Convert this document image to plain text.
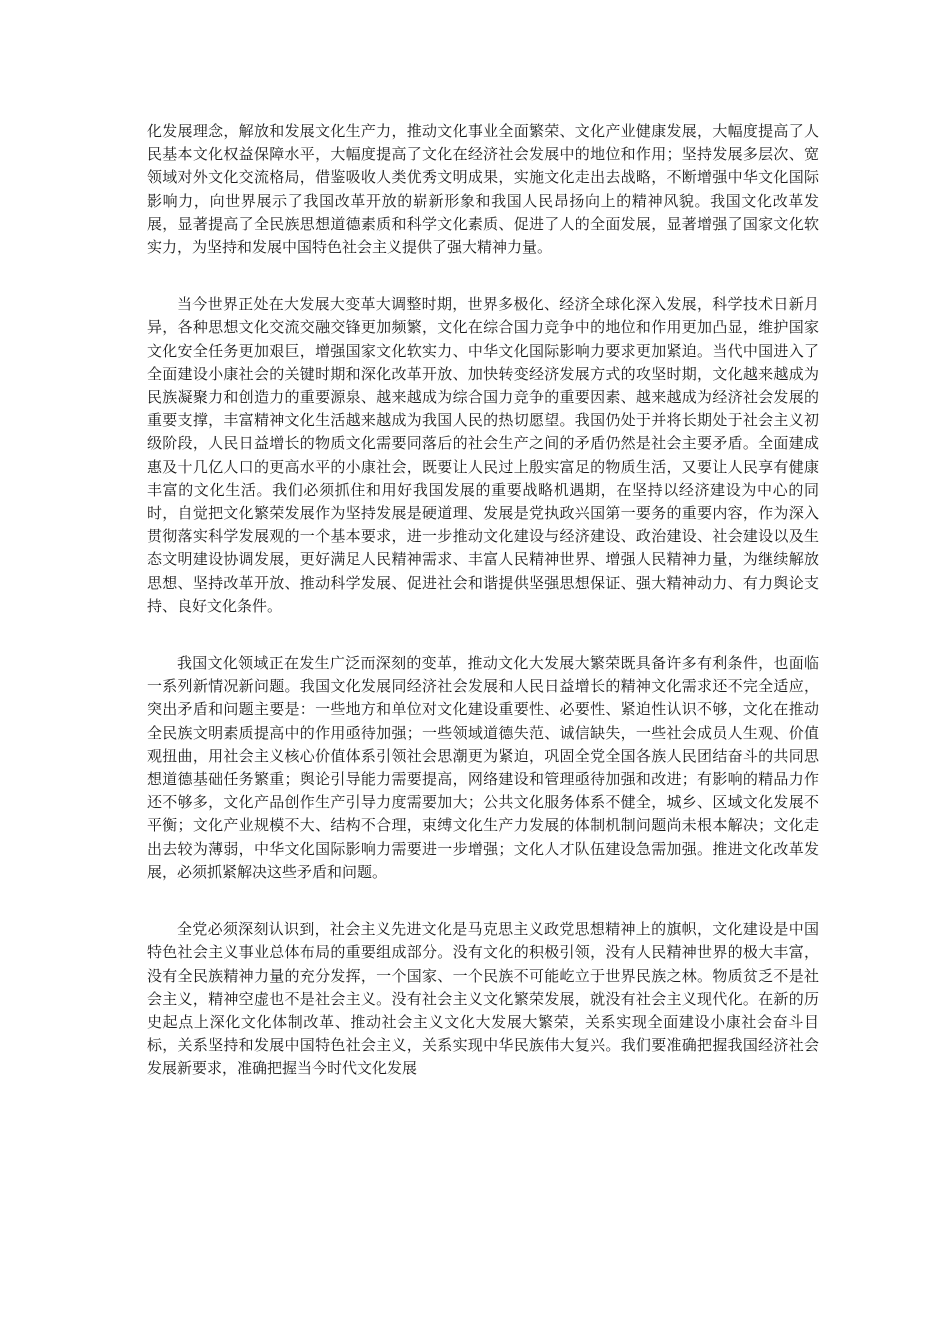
化发展理念，解放和发展文化生产力，推动文化事业全面繁荣、文化产业健康发展，大幅度提高了人民基本文化权益保障水平，大幅度提高了文化在经济社会发展中的地位和作用；坚持发展多层次、宽领域对外文化交流格局，借鉴吸收人类优秀文明成果，实施文化走出去战略，不断增强中华文化国际影响力，向世界展示了我国改革开放的崭新形象和我国人民昂扬向上的精神风貌。我国文化改革发展，显著提高了全民族思想道德素质和科学文化素质、促进了人的全面发展，显著增强了国家文化软实力，为坚持和发展中国特色社会主义提供了强大精神力量。

当今世界正处在大发展大变革大调整时期，世界多极化、经济全球化深入发展，科学技术日新月异，各种思想文化交流交融交锋更加频繁，文化在综合国力竞争中的地位和作用更加凸显，维护国家文化安全任务更加艰巨，增强国家文化软实力、中华文化国际影响力要求更加紧迫。当代中国进入了全面建设小康社会的关键时期和深化改革开放、加快转变经济发展方式的攻坚时期，文化越来越成为民族凝聚力和创造力的重要源泉、越来越成为综合国力竞争的重要因素、越来越成为经济社会发展的重要支撑，丰富精神文化生活越来越成为我国人民的热切愿望。我国仍处于并将长期处于社会主义初级阶段，人民日益增长的物质文化需要同落后的社会生产之间的矛盾仍然是社会主要矛盾。全面建成惠及十几亿人口的更高水平的小康社会，既要让人民过上殷实富足的物质生活，又要让人民享有健康丰富的文化生活。我们必须抓住和用好我国发展的重要战略机遇期，在坚持以经济建设为中心的同时，自觉把文化繁荣发展作为坚持发展是硬道理、发展是党执政兴国第一要务的重要内容，作为深入贯彻落实科学发展观的一个基本要求，进一步推动文化建设与经济建设、政治建设、社会建设以及生态文明建设协调发展，更好满足人民精神需求、丰富人民精神世界、增强人民精神力量，为继续解放思想、坚持改革开放、推动科学发展、促进社会和谐提供坚强思想保证、强大精神动力、有力舆论支持、良好文化条件。

我国文化领域正在发生广泛而深刻的变革，推动文化大发展大繁荣既具备许多有利条件，也面临一系列新情况新问题。我国文化发展同经济社会发展和人民日益增长的精神文化需求还不完全适应，突出矛盾和问题主要是：一些地方和单位对文化建设重要性、必要性、紧迫性认识不够，文化在推动全民族文明素质提高中的作用亟待加强；一些领域道德失范、诚信缺失，一些社会成员人生观、价值观扭曲，用社会主义核心价值体系引领社会思潮更为紧迫，巩固全党全国各族人民团结奋斗的共同思想道德基础任务繁重；舆论引导能力需要提高，网络建设和管理亟待加强和改进；有影响的精品力作还不够多，文化产品创作生产引导力度需要加大；公共文化服务体系不健全，城乡、区域文化发展不平衡；文化产业规模不大、结构不合理，束缚文化生产力发展的体制机制问题尚未根本解决；文化走出去较为薄弱，中华文化国际影响力需要进一步增强；文化人才队伍建设急需加强。推进文化改革发展，必须抓紧解决这些矛盾和问题。

全党必须深刻认识到，社会主义先进文化是马克思主义政党思想精神上的旗帜，文化建设是中国特色社会主义事业总体布局的重要组成部分。没有文化的积极引领，没有人民精神世界的极大丰富，没有全民族精神力量的充分发挥，一个国家、一个民族不可能屹立于世界民族之林。物质贫乏不是社会主义，精神空虚也不是社会主义。没有社会主义文化繁荣发展，就没有社会主义现代化。在新的历史起点上深化文化体制改革、推动社会主义文化大发展大繁荣，关系实现全面建设小康社会奋斗目标，关系坚持和发展中国特色社会主义，关系实现中华民族伟大复兴。我们要准确把握我国经济社会发展新要求，准确把握当今时代文化发展
